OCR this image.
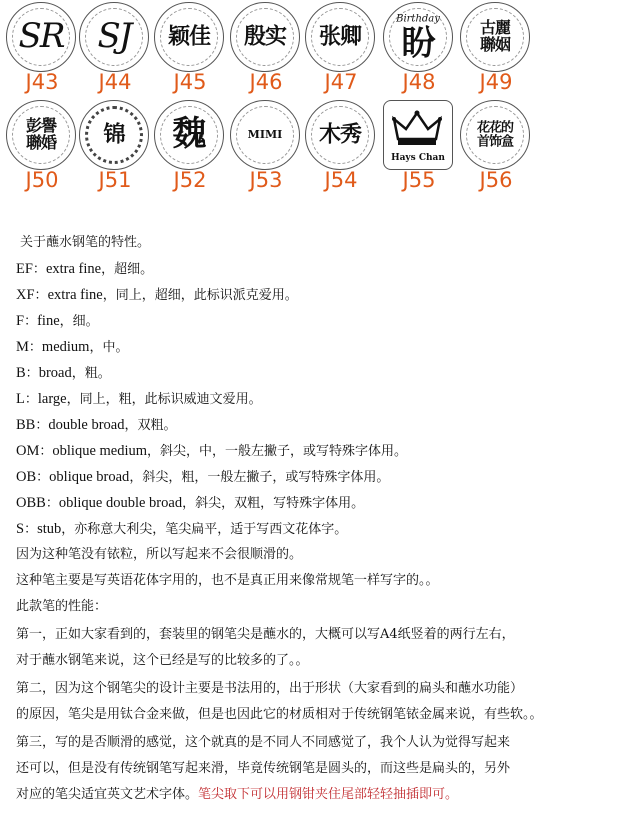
SR
J43
SJ
J44
颖佳
J45
殷实
J46
张卿
J47
Birthday
盼
J48
古麗聯姻
J49
彭譽聯婚
J50
锦
J51
魏
J52
MIMI
J53
木秀
J54
Hays Chan
J55
花花的首饰盒
J56
关于蘸水钢笔的特性。
EF：extra fine，超细。
XF：extra fine，同上，超细，此标识派克爱用。
F：fine，细。
M：medium，中。
B：broad，粗。
L：large，同上，粗，此标识威迪文爱用。
BB：double broad，双粗。
OM：oblique medium，斜尖，中，一般左撇子，或写特殊字体用。
OB：oblique broad，斜尖，粗，一般左撇子，或写特殊字体用。
OBB：oblique double broad，斜尖，双粗，写特殊字体用。
S：stub，亦称意大利尖，笔尖扁平，适于写西文花体字。
因为这种笔没有铱粒，所以写起来不会很顺滑的。
这种笔主要是写英语花体字用的，也不是真正用来像常规笔一样写字的。。
此款笔的性能：
第一，正如大家看到的，套装里的钢笔尖是蘸水的，大概可以写A4纸竖着的两行左右，
对于蘸水钢笔来说，这个已经是写的比较多的了。。
第二，因为这个钢笔尖的设计主要是书法用的，出于形状（大家看到的扁头和蘸水功能）
的原因，笔尖是用钛合金来做，但是也因此它的材质相对于传统钢笔铱金属来说，有些软。。
第三，写的是否顺滑的感觉，这个就真的是不同人不同感觉了，我个人认为觉得写起来
还可以，但是没有传统钢笔写起来滑，毕竟传统钢笔是圆头的，而这些是扁头的，另外
对应的笔尖适宜英文艺术字体。笔尖取下可以用钢钳夹住尾部轻轻抽插即可。
